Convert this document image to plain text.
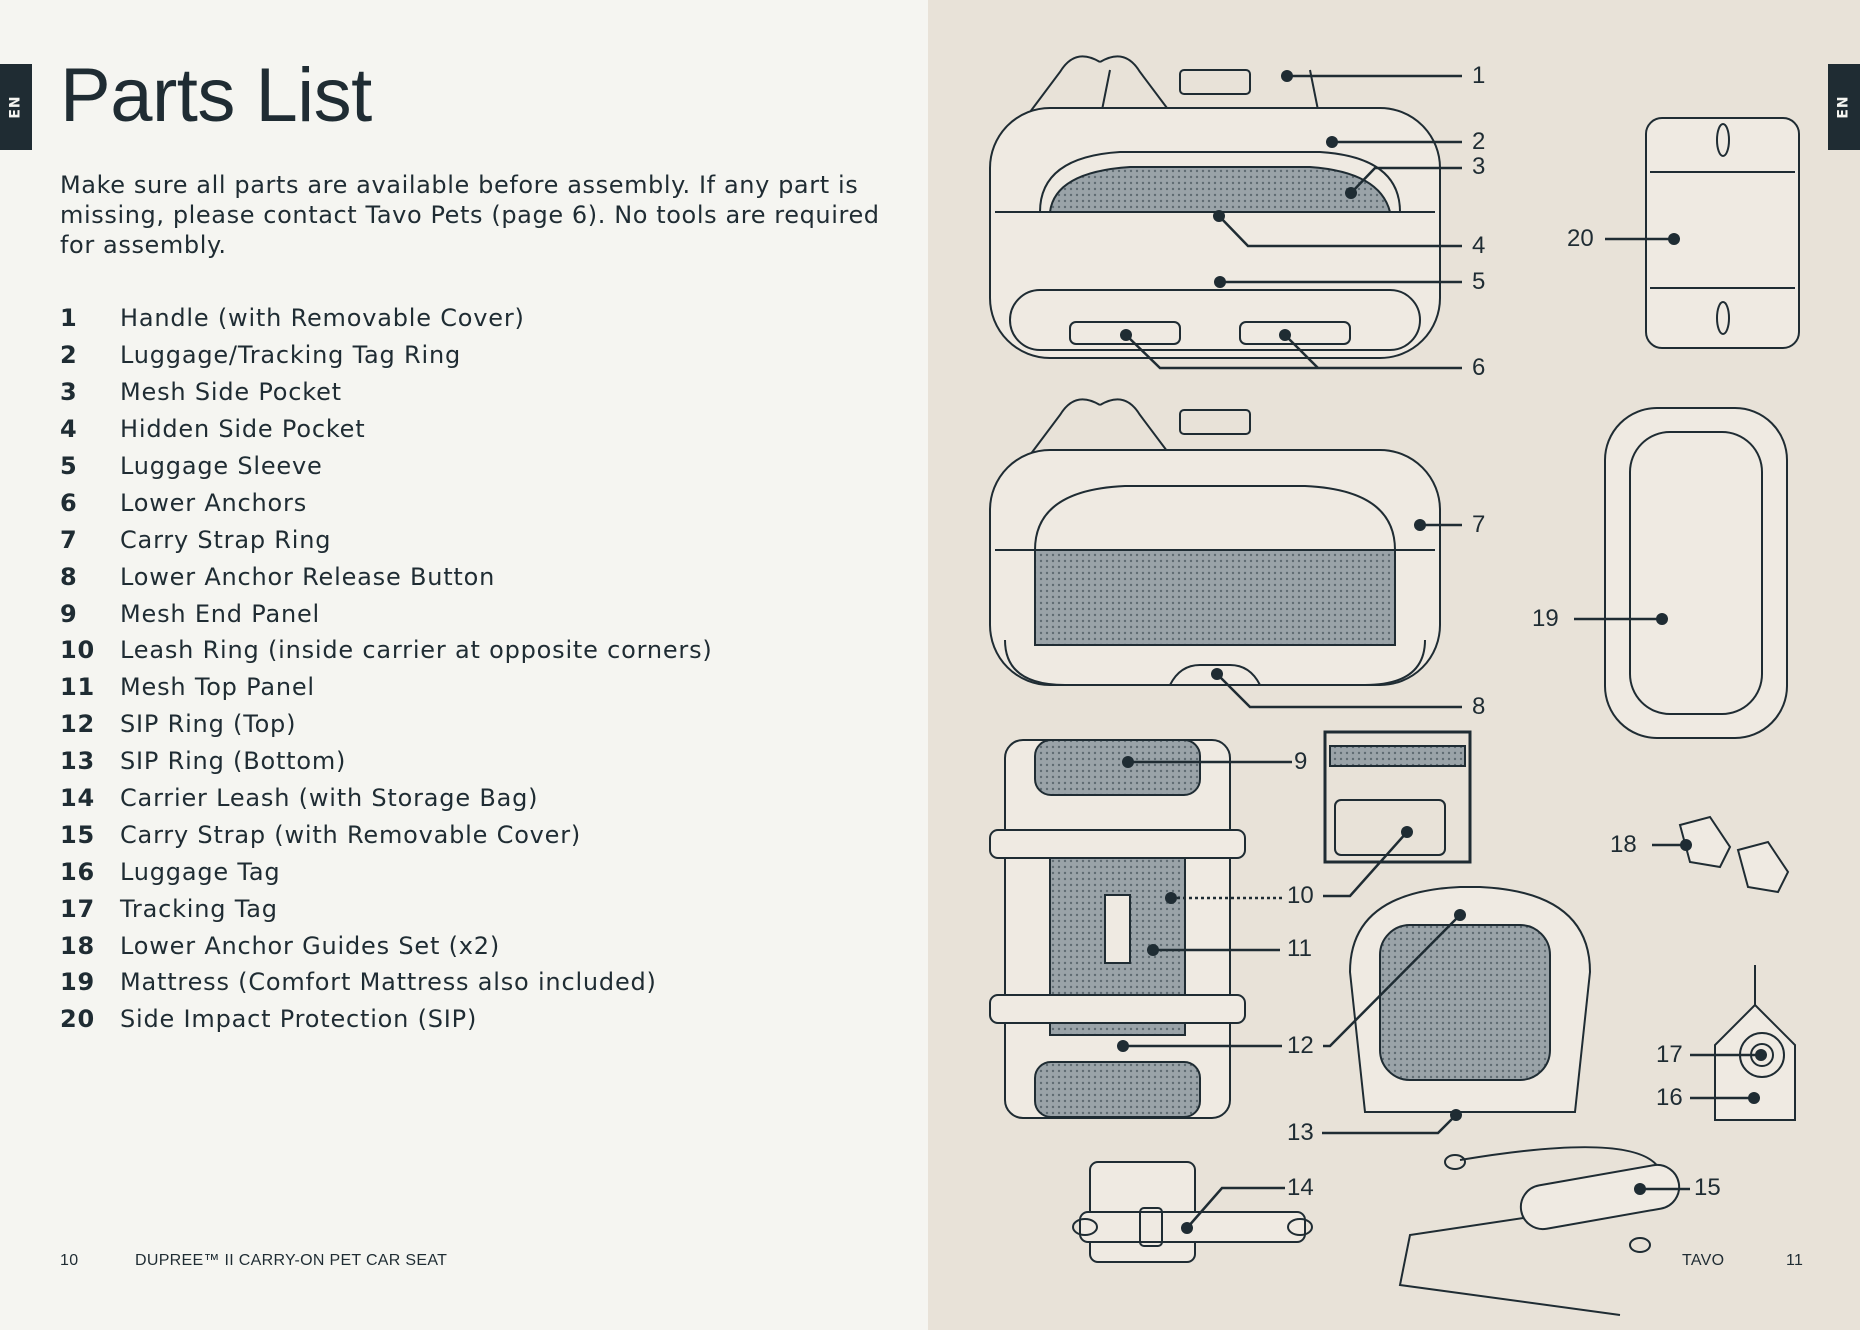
EN	EN
Parts List

Make sure all parts are available before assembly. If any part is missing, please contact Tavo Pets (page 6). No tools are required for assembly.

1	Handle (with Removable Cover)
2	Luggage/Tracking Tag Ring
3	Mesh Side Pocket
4	Hidden Side Pocket
5	Luggage Sleeve
6	Lower Anchors
7	Carry Strap Ring
8	Lower Anchor Release Button
9	Mesh End Panel
10	Leash Ring (inside carrier at opposite corners)
11	Mesh Top Panel
12	SIP Ring (Top)
13	SIP Ring (Bottom)
14	Carrier Leash (with Storage Bag)
15	Carry Strap (with Removable Cover)
16	Luggage Tag
17	Tracking Tag
18	Lower Anchor Guides Set (x2)
19	Mattress (Comfort Mattress also included)
20	Side Impact Protection (SIP)
10	DUPREE™ II CARRY-ON PET CAR SEAT	TAVO	11
1
2
3
4
5
6
7
8
9
10
11
12
13
14	15
16
17
18
19
20
